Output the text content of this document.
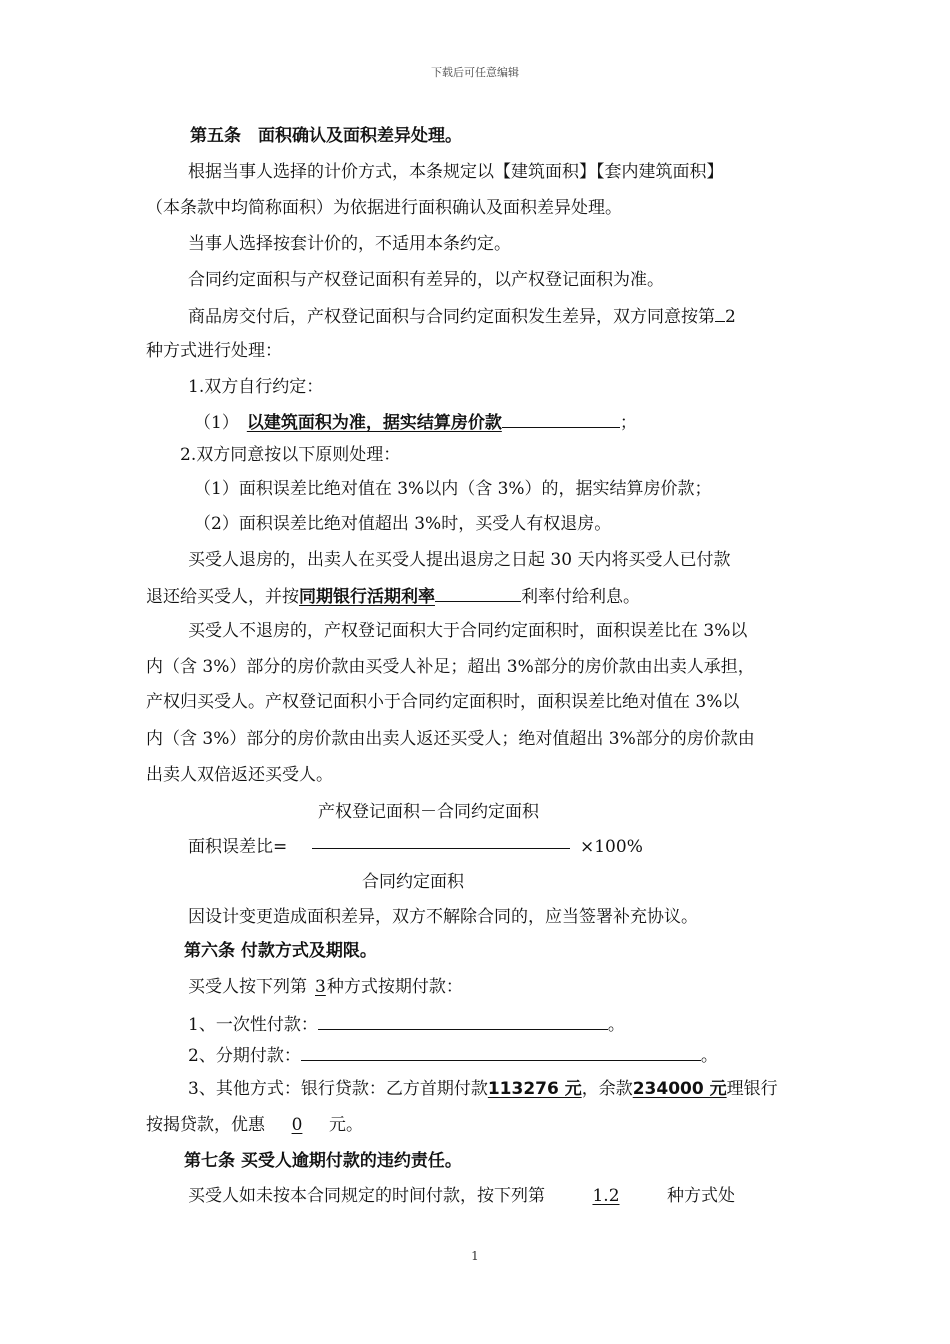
下载后可任意编辑
第五条　面积确认及面积差异处理。
根据当事人选择的计价方式，本条规定以【建筑面积】【套内建筑面积】
（本条款中均简称面积）为依据进行面积确认及面积差异处理。
当事人选择按套计价的，不适用本条约定。
合同约定面积与产权登记面积有差异的，以产权登记面积为准。
商品房交付后，产权登记面积与合同约定面积发生差异，双方同意按第 2
种方式进行处理：
1.双方自行约定：
（1） 以建筑面积为准，据实结算房价款	；
2.双方同意按以下原则处理：
（1）面积误差比绝对值在 3%以内（含 3%）的，据实结算房价款；
（2）面积误差比绝对值超出 3%时，买受人有权退房。
买受人退房的，出卖人在买受人提出退房之日起 30 天内将买受人已付款
退还给买受人，并按同期银行活期利率	利率付给利息。
买受人不退房的，产权登记面积大于合同约定面积时，面积误差比在 3%以
内（含 3%）部分的房价款由买受人补足；超出 3%部分的房价款由出卖人承担，
产权归买受人。产权登记面积小于合同约定面积时，面积误差比绝对值在 3%以
内（含 3%）部分的房价款由出卖人返还买受人；绝对值超出 3%部分的房价款由
出卖人双倍返还买受人。
产权登记面积－合同约定面积
面积误差比=	×100%
合同约定面积
因设计变更造成面积差异，双方不解除合同的，应当签署补充协议。
第六条 付款方式及期限。
买受人按下列第 3种方式按期付款：
1、一次性付款：	。
2、分期付款：	。
3、其他方式：银行贷款：乙方首期付款113276 元，余款234000 元理银行
按揭贷款，优惠 0 元。
第七条 买受人逾期付款的违约责任。
买受人如未按本合同规定的时间付款，按下列第	1.2	种方式处
1
